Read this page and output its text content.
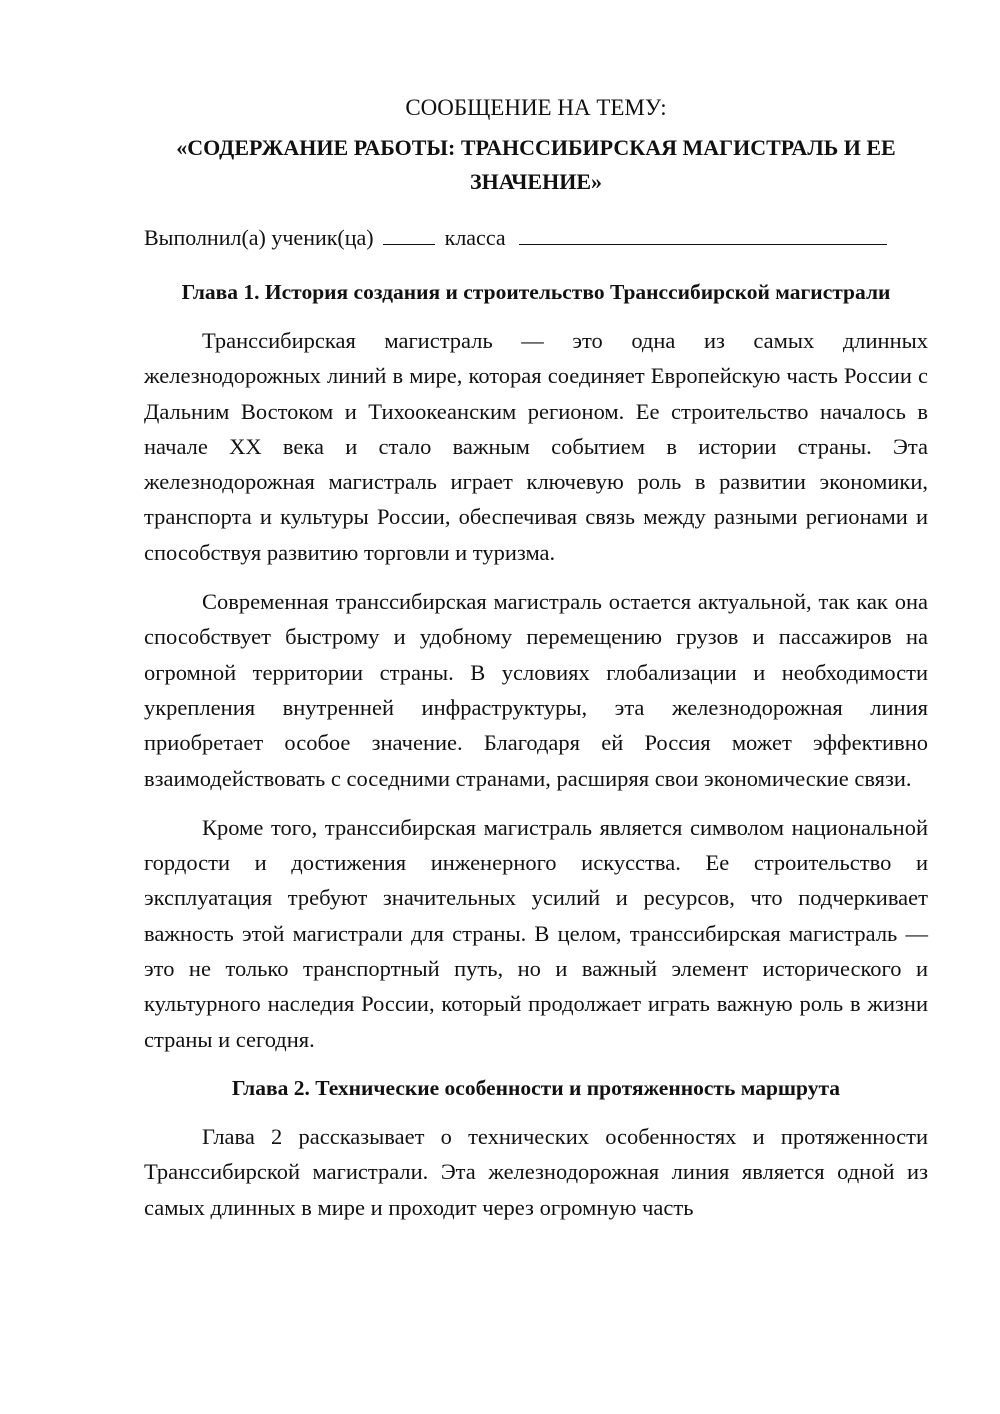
СООБЩЕНИЕ НА ТЕМУ:

«СОДЕРЖАНИЕ РАБОТЫ: ТРАНССИБИРСКАЯ МАГИСТРАЛЬ И ЕЕ ЗНАЧЕНИЕ»

Выполнил(а) ученик(ца)	класса
Глава 1. История создания и строительство Транссибирской магистрали

Транссибирская магистраль — это одна из самых длинных железнодорожных линий в мире, которая соединяет Европейскую часть России с Дальним Востоком и Тихоокеанским регионом. Ее строительство началось в начале XX века и стало важным событием в истории страны. Эта железнодорожная магистраль играет ключевую роль в развитии экономики, транспорта и культуры России, обеспечивая связь между разными регионами и способствуя развитию торговли и туризма.

Современная транссибирская магистраль остается актуальной, так как она способствует быстрому и удобному перемещению грузов и пассажиров на огромной территории страны. В условиях глобализации и необходимости укрепления внутренней инфраструктуры, эта железнодорожная линия приобретает особое значение. Благодаря ей Россия может эффективно взаимодействовать с соседними странами, расширяя свои экономические связи.

Кроме того, транссибирская магистраль является символом национальной гордости и достижения инженерного искусства. Ее строительство и эксплуатация требуют значительных усилий и ресурсов, что подчеркивает важность этой магистрали для страны. В целом, транссибирская магистраль — это не только транспортный путь, но и важный элемент исторического и культурного наследия России, который продолжает играть важную роль в жизни страны и сегодня.

Глава 2. Технические особенности и протяженность маршрута

Глава 2 рассказывает о технических особенностях и протяженности Транссибирской магистрали. Эта железнодорожная линия является одной из самых длинных в мире и проходит через огромную часть
